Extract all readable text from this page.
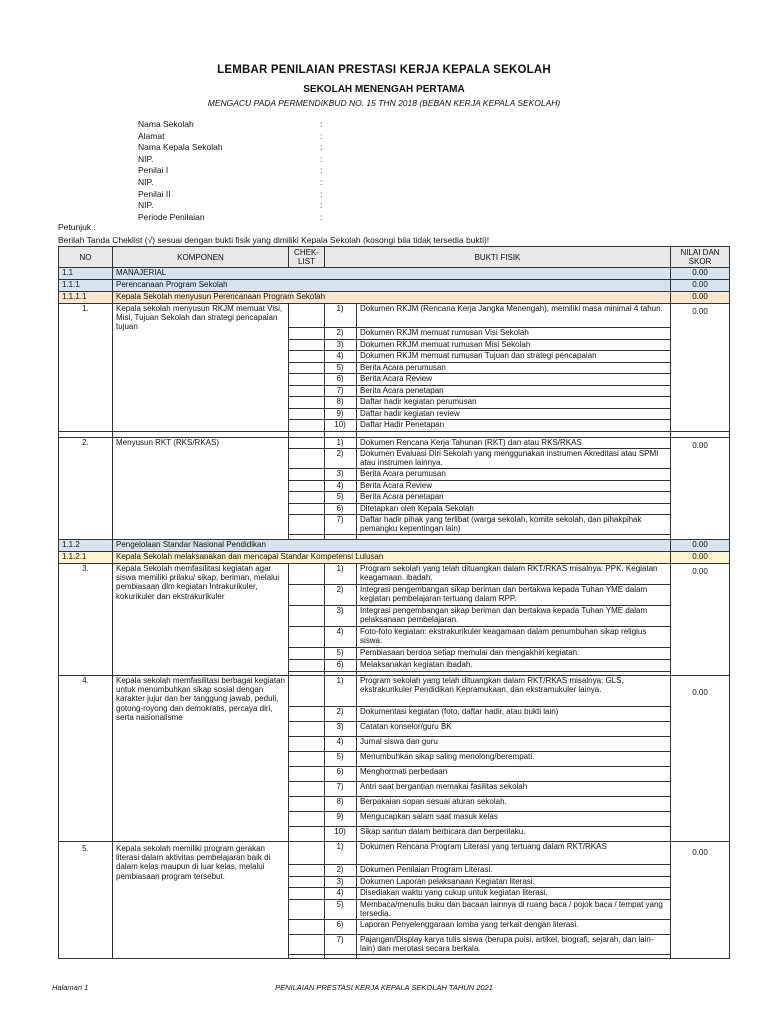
LEMBAR PENILAIAN PRESTASI KERJA KEPALA SEKOLAH
SEKOLAH MENENGAH PERTAMA
MENGACU PADA PERMENDIKBUD NO. 15 THN 2018 (BEBAN KERJA KEPALA SEKOLAH)
Nama Sekolah	:
Alamat	:
Nama Kepala Sekolah	:
NIP.	:
Penilai I	:
NIP.	:
Penilai II	:
NIP.	:
Periode Penilaian	:
Petunjuk :
Berilah Tanda Cheklist (√) sesuai dengan bukti fisik yang dimiliki Kepala Sekolah (kosongi bila tidak tersedia bukti)!
NO	KOMPONEN	CHEK-LIST	BUKTI FISIK		NILAI DAN SKOR
1.1	MANAJERIAL				0.00
1.1.1	Perencanaan Program Sekolah				0.00
1.1.1.1	Kepala Sekolah menyusun Perencanaan Program Sekolah				0.00
1.	Kepala sekolah menyusun RKJM memuat Visi, Misi, Tujuan Sekolah dan strategi pencapaian tujuan		1)	Dokumen RKJM (Rencana Kerja Jangka Menengah), memiliki masa minimal 4 tahun.	0.00
			2)	Dokumen RKJM memuat rumusan Visi Sekolah	
			3)	Dokumen RKJM memuat rumusan Misi Sekolah	
			4)	Dokumen RKJM memuat rumusan Tujuan dan strategi pencapaian	
			5)	Berita Acara perumusan	
			6)	Berita Acara Review	
			7)	Berita Acara penetapan	
			8)	Daftar hadir kegiatan perumusan	
			9)	Daftar hadir kegiatan review	
			10)	Daftar Hadir Penetapan	

2.	Menyusun RKT (RKS/RKAS)		1)	Dokumen Rencana Kerja Tahunan (RKT) dan atau RKS/RKAS	0.00
			2)	Dokumen Evaluasi Diri Sekolah yang menggunakan instrumen Akreditasi atau SPMI atau instrumen lainnya.	
			3)	Berita Acara perumusan	
			4)	Berita Acara Review	
			5)	Berita Acara penetapan	
			6)	Ditetapkan oleh Kepala Sekolah	
			7)	Daftar hadir pihak yang terlibat (warga sekolah, komite sekolah, dan pihakpihak pemangku kepentingan lain)	

1.1.2	Pengelolaan Standar Nasional Pendidikan				0.00
1.1.2.1	Kepala Sekolah melaksanakan dan mencapai Standar Kompetensi Lulusan				0.00
3.	Kepala Sekolah memfasilitasi kegiatan agar siswa memiliki prilaku/ sikap, beriman, melalui pembiasaan dlm kegiatan Intrakurikuler, kokurikuler dan ekstrakurikuler		1)	Program sekolah yang telah dituangkan dalam RKT/RKAS misalnya: PPK. Kegiatan keagamaan. ibadah.	0.00
			2)	Integrasi pengembangan sikap beriman dan bertakwa kepada Tuhan YME dalam kegiatan pembelajaran tertuang dalam RPP.	
			3)	Integrasi pengembangan sikap beriman dan bertakwa kepada Tuhan YME dalam pelaksanaan pembelajaran.	
			4)	Foto-foto kegiatan: ekstrakurikuler keagamaan dalam penumbuhan sikap religius siswa.	
			5)	Pembiasaan berdoa setiap memulai dan mengakhiri kegiatan.	
			6)	Melaksanakan kegiatan ibadah.	

4.	Kepala sekolah memfasilitasi berbagai kegiatan untuk menumbuhkan sikap sosial dengan karakter jujur dan ber tanggung jawab, peduli, gotong-royong dan demokratis, percaya diri, serta nasionalisme		1)	Program sekolah yang telah dituangkan dalam RKT/RKAS misalnya: GLS, ekstrakurikuler Pendidikan Kepramukaan, dan ekstramukuler lainya.	0.00
			2)	Dokumentasi kegiatan (foto, daftar hadir, atau bukti lain)	
			3)	Catatan konselor/guru BK	
			4)	Jurnal siswa dan guru	
			5)	Menumbuhkan sikap saling menolong/berempati.	
			6)	Menghormati perbedaan	
			7)	Antri saat bergantian memakai fasilitas sekolah	
			8)	Berpakaian sopan sesuai aturan sekolah.	
			9)	Mengucapkan salam saat masuk kelas	
			10)	Sikap santun dalam berbicara dan berperilaku.	
5.	Kepala sekolah memiliki program gerakan literasi dalam aktivitas pembelajaran baik di dalam kelas maupun di luar kelas, melalui pembiasaan program tersebut.		1)	Dokumen Rencana Program Literasi yang tertuang dalam RKT/RKAS	0.00
			2)	Dokumen Penilaian Program Literasi.	
			3)	Dokumen Laporan pelaksanaan Kegiatan literasi.	
			4)	Disediakan waktu yang cukup untuk kegiatan literasi.	
			5)	Membaca/menulis buku dan bacaan lainnya di ruang baca / pojok baca / tempat yang tersedia.	
			6)	Laporan Penyelenggaraan lomba yang terkait dengan literasi.	
			7)	Pajangan/Display karya tulis siswa (berupa puisi, artikel, biografi, sejarah, dan lain-lain) dan merotasi secara berkala.	

Halaman 1	PENILAIAN PRESTASI KERJA KEPALA SEKOLAH TAHUN 2021
